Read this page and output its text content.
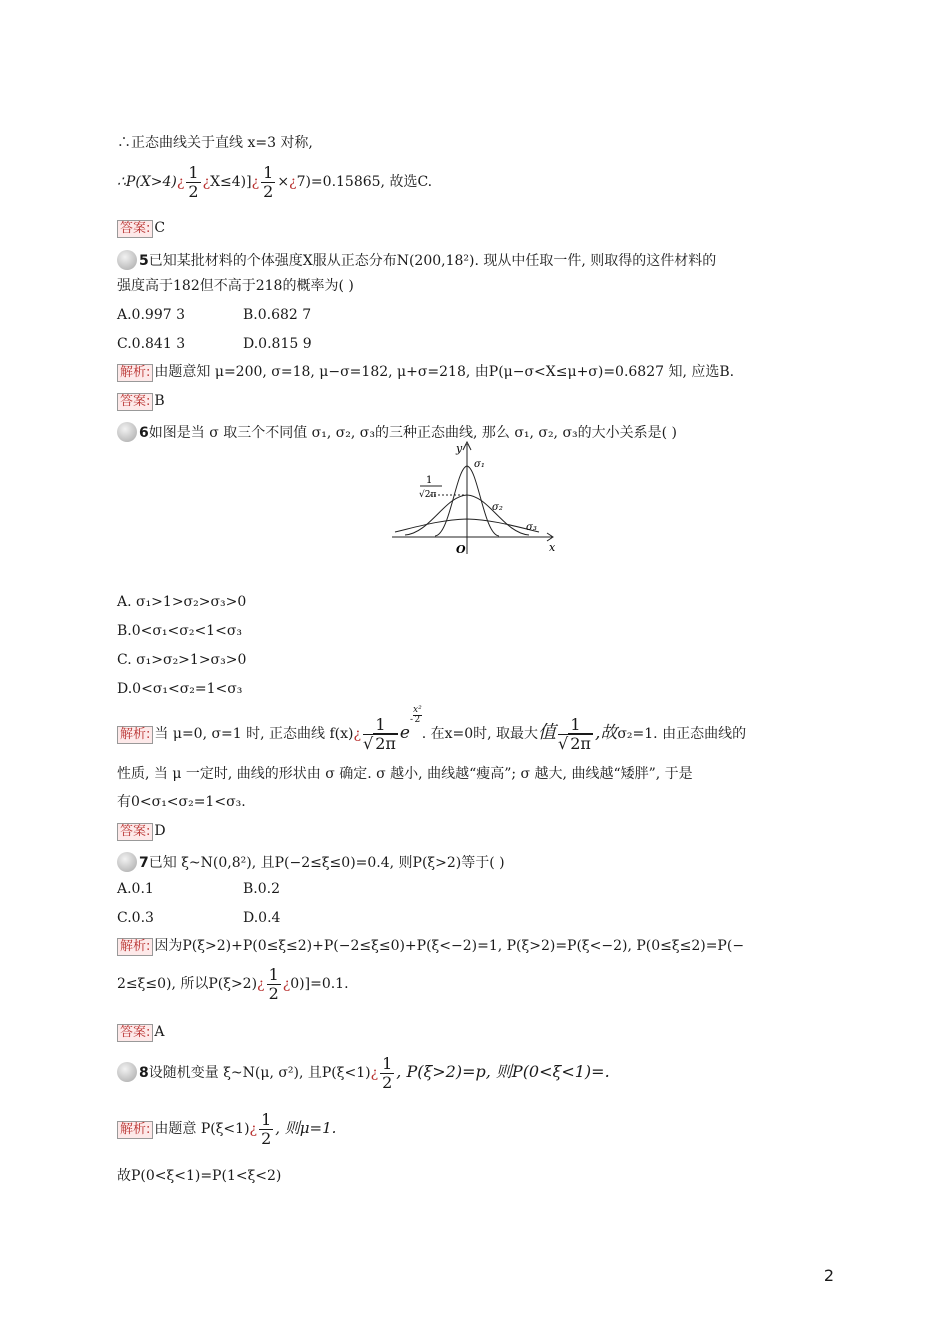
∴正态曲线关于直线 x=3 对称,
∴P(X>4)¿ $\frac{1}{2}$ ¿X≤4)]¿ $\frac{1}{2}$ ×¿7)=0.15865, 故选C.
答案: C
5已知某批材料的个体强度X服从正态分布N(200,18²). 现从中任取一件, 则取得的这件材料的
强度高于182但不高于218的概率为( )
A.0.997 3	B.0.682 7
C.0.841 3	D.0.815 9
解析: 由题意知 μ=200, σ=18, μ−σ=182, μ+σ=218, 由P(μ−σ<X≤μ+σ)=0.6827 知, 应选B.
答案: B
6如图是当 σ 取三个不同值 σ₁, σ₂, σ₃的三种正态曲线, 那么 σ₁, σ₂, σ₃的大小关系是( )
y
x
O
σ₁
σ₂
σ₃
1
√2π
A. σ₁>1>σ₂>σ₃>0
B.0<σ₁<σ₂<1<σ₃
C. σ₁>σ₂>1>σ₃>0
D.0<σ₁<σ₂=1<σ₃
解析: 当 μ=0, σ=1 时, 正态曲线 f(x)¿ $\frac{1}{√ 2\pi} e- \frac{\text{x²}}{2}$
. 在x=0时, 取最大值 $\frac{1}{√ 2\pi}$ ,故σ₂=1. 由正态曲线的
性质, 当 μ 一定时, 曲线的形状由 σ 确定. σ 越小, 曲线越“瘦高”; σ 越大, 曲线越“矮胖”, 于是
有0<σ₁<σ₂=1<σ₃.
答案: D
7已知 ξ~N(0,8²), 且P(−2≤ξ≤0)=0.4, 则P(ξ>2)等于( )
A.0.1	B.0.2
C.0.3	D.0.4
解析: 因为P(ξ>2)+P(0≤ξ≤2)+P(−2≤ξ≤0)+P(ξ<−2)=1, P(ξ>2)=P(ξ<−2), P(0≤ξ≤2)=P(−
2≤ξ≤0), 所以P(ξ>2)¿ $\frac{1}{2}$ ¿0)]=0.1.
答案: A
8设随机变量 ξ~N(μ, σ²), 且P(ξ<1)¿ $\frac{1}{2}$ , P(ξ>2)=p, 则P(0<ξ<1)=.
解析: 由题意 P(ξ<1)¿ $\frac{1}{2}$ , 则μ=1.
故P(0<ξ<1)=P(1<ξ<2)
2
